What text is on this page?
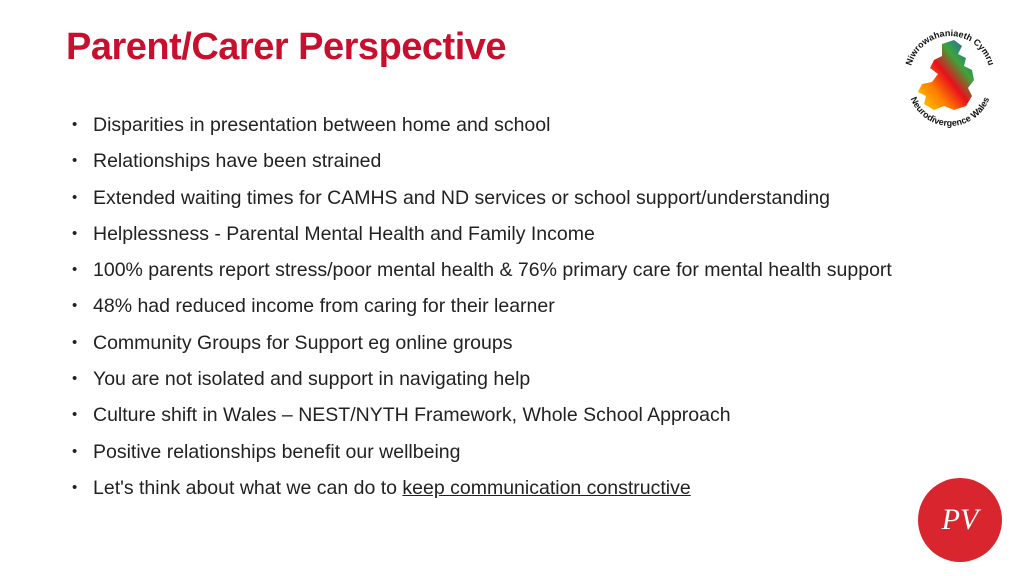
Parent/Carer Perspective
• Disparities in presentation between home and school
• Relationships have been strained
• Extended waiting times for CAMHS and ND services or school support/understanding
• Helplessness - Parental Mental Health and Family Income
• 100% parents report stress/poor mental health & 76% primary care for mental health support
• 48% had reduced income from caring for their learner
• Community Groups for Support eg online groups
• You are not isolated and support in navigating help
• Culture shift in Wales – NEST/NYTH Framework, Whole School Approach
• Positive relationships benefit our wellbeing
• Let's think about what we can do to keep communication constructive
Niwrowahaniaeth Cymru
Neurodivergence Wales
PV
